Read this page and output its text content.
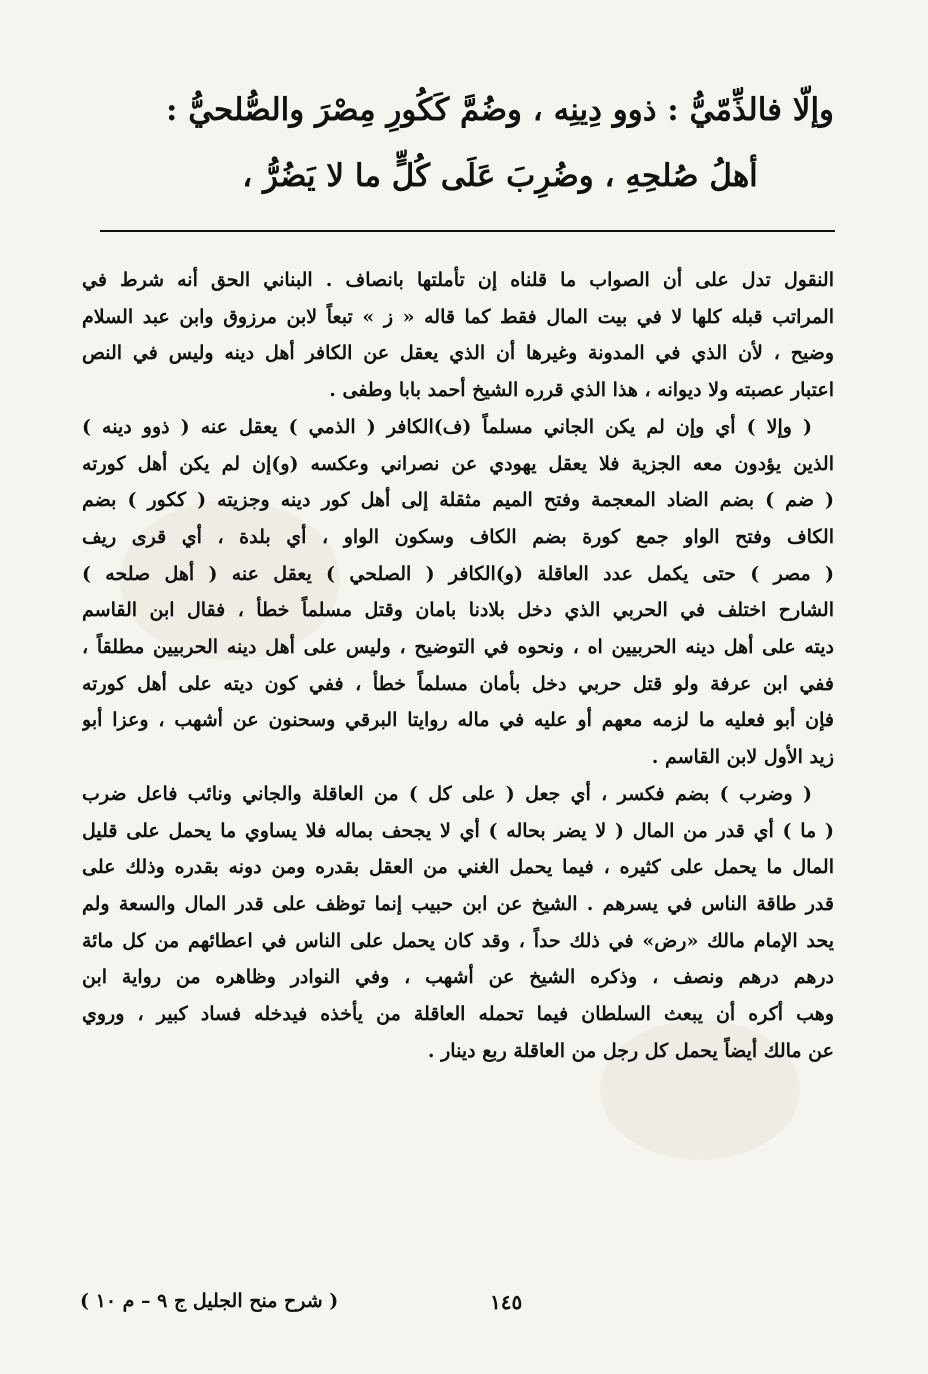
وإلّا فالذِّمّيُّ : ذوو دِينِه ، وضُمَّ كَكُورِ مِصْرَ والصُّلحيُّ :
أهلُ صُلحِهِ ، وضُرِبَ عَلَى كُلٍّ ما لا يَضُرُّ ،
النقول تدل على أن الصواب ما قلناه إن تأملتها بانصاف . البناني الحق أنه شرط في
المراتب قبله كلها لا في بيت المال فقط كما قاله « ز » تبعاً لابن مرزوق وابن عبد السلام
وضيح ، لأن الذي في المدونة وغيرها أن الذي يعقل عن الكافر أهل دينه وليس في النص
اعتبار عصبته ولا ديوانه ، هذا الذي قرره الشيخ أحمد بابا وطفى .
( وإلا ) أي وإن لم يكن الجاني مسلماً (ف)الكافر ( الذمي ) يعقل عنه ( ذوو دينه )
الذين يؤدون معه الجزية فلا يعقل يهودي عن نصراني وعكسه (و)إن لم يكن أهل كورته
( ضم ) بضم الضاد المعجمة وفتح الميم مثقلة إلى أهل كور دينه وجزيته ( ككور ) بضم
الكاف وفتح الواو جمع كورة بضم الكاف وسكون الواو ، أي بلدة ، أي قرى ريف
( مصر ) حتى يكمل عدد العاقلة (و)الكافر ( الصلحي ) يعقل عنه ( أهل صلحه )
الشارح اختلف في الحربي الذي دخل بلادنا بامان وقتل مسلماً خطأ ، فقال ابن القاسم
ديته على أهل دينه الحربيين اه ، ونحوه في التوضيح ، وليس على أهل دينه الحربيين مطلقاً ،
ففي ابن عرفة ولو قتل حربي دخل بأمان مسلماً خطأ ، ففي كون ديته على أهل كورته
فإن أبو فعليه ما لزمه معهم أو عليه في ماله روايتا البرقي وسحنون عن أشهب ، وعزا أبو
زيد الأول لابن القاسم .
( وضرب ) بضم فكسر ، أي جعل ( على كل ) من العاقلة والجاني ونائب فاعل ضرب
( ما ) أي قدر من المال ( لا يضر بحاله ) أي لا يجحف بماله فلا يساوي ما يحمل على قليل
المال ما يحمل على كثيره ، فيما يحمل الغني من العقل بقدره ومن دونه بقدره وذلك على
قدر طاقة الناس في يسرهم . الشيخ عن ابن حبيب إنما توظف على قدر المال والسعة ولم
يحد الإمام مالك «رض» في ذلك حداً ، وقد كان يحمل على الناس في اعطائهم من كل مائة
درهم درهم ونصف ، وذكره الشيخ عن أشهب ، وفي النوادر وظاهره من رواية ابن
وهب أكره أن يبعث السلطان فيما تحمله العاقلة من يأخذه فيدخله فساد كبير ، وروي
عن مالك أيضاً يحمل كل رجل من العاقلة ربع دينار .
( شرح منح الجليل ج ٩ – م ١٠ )	١٤٥
